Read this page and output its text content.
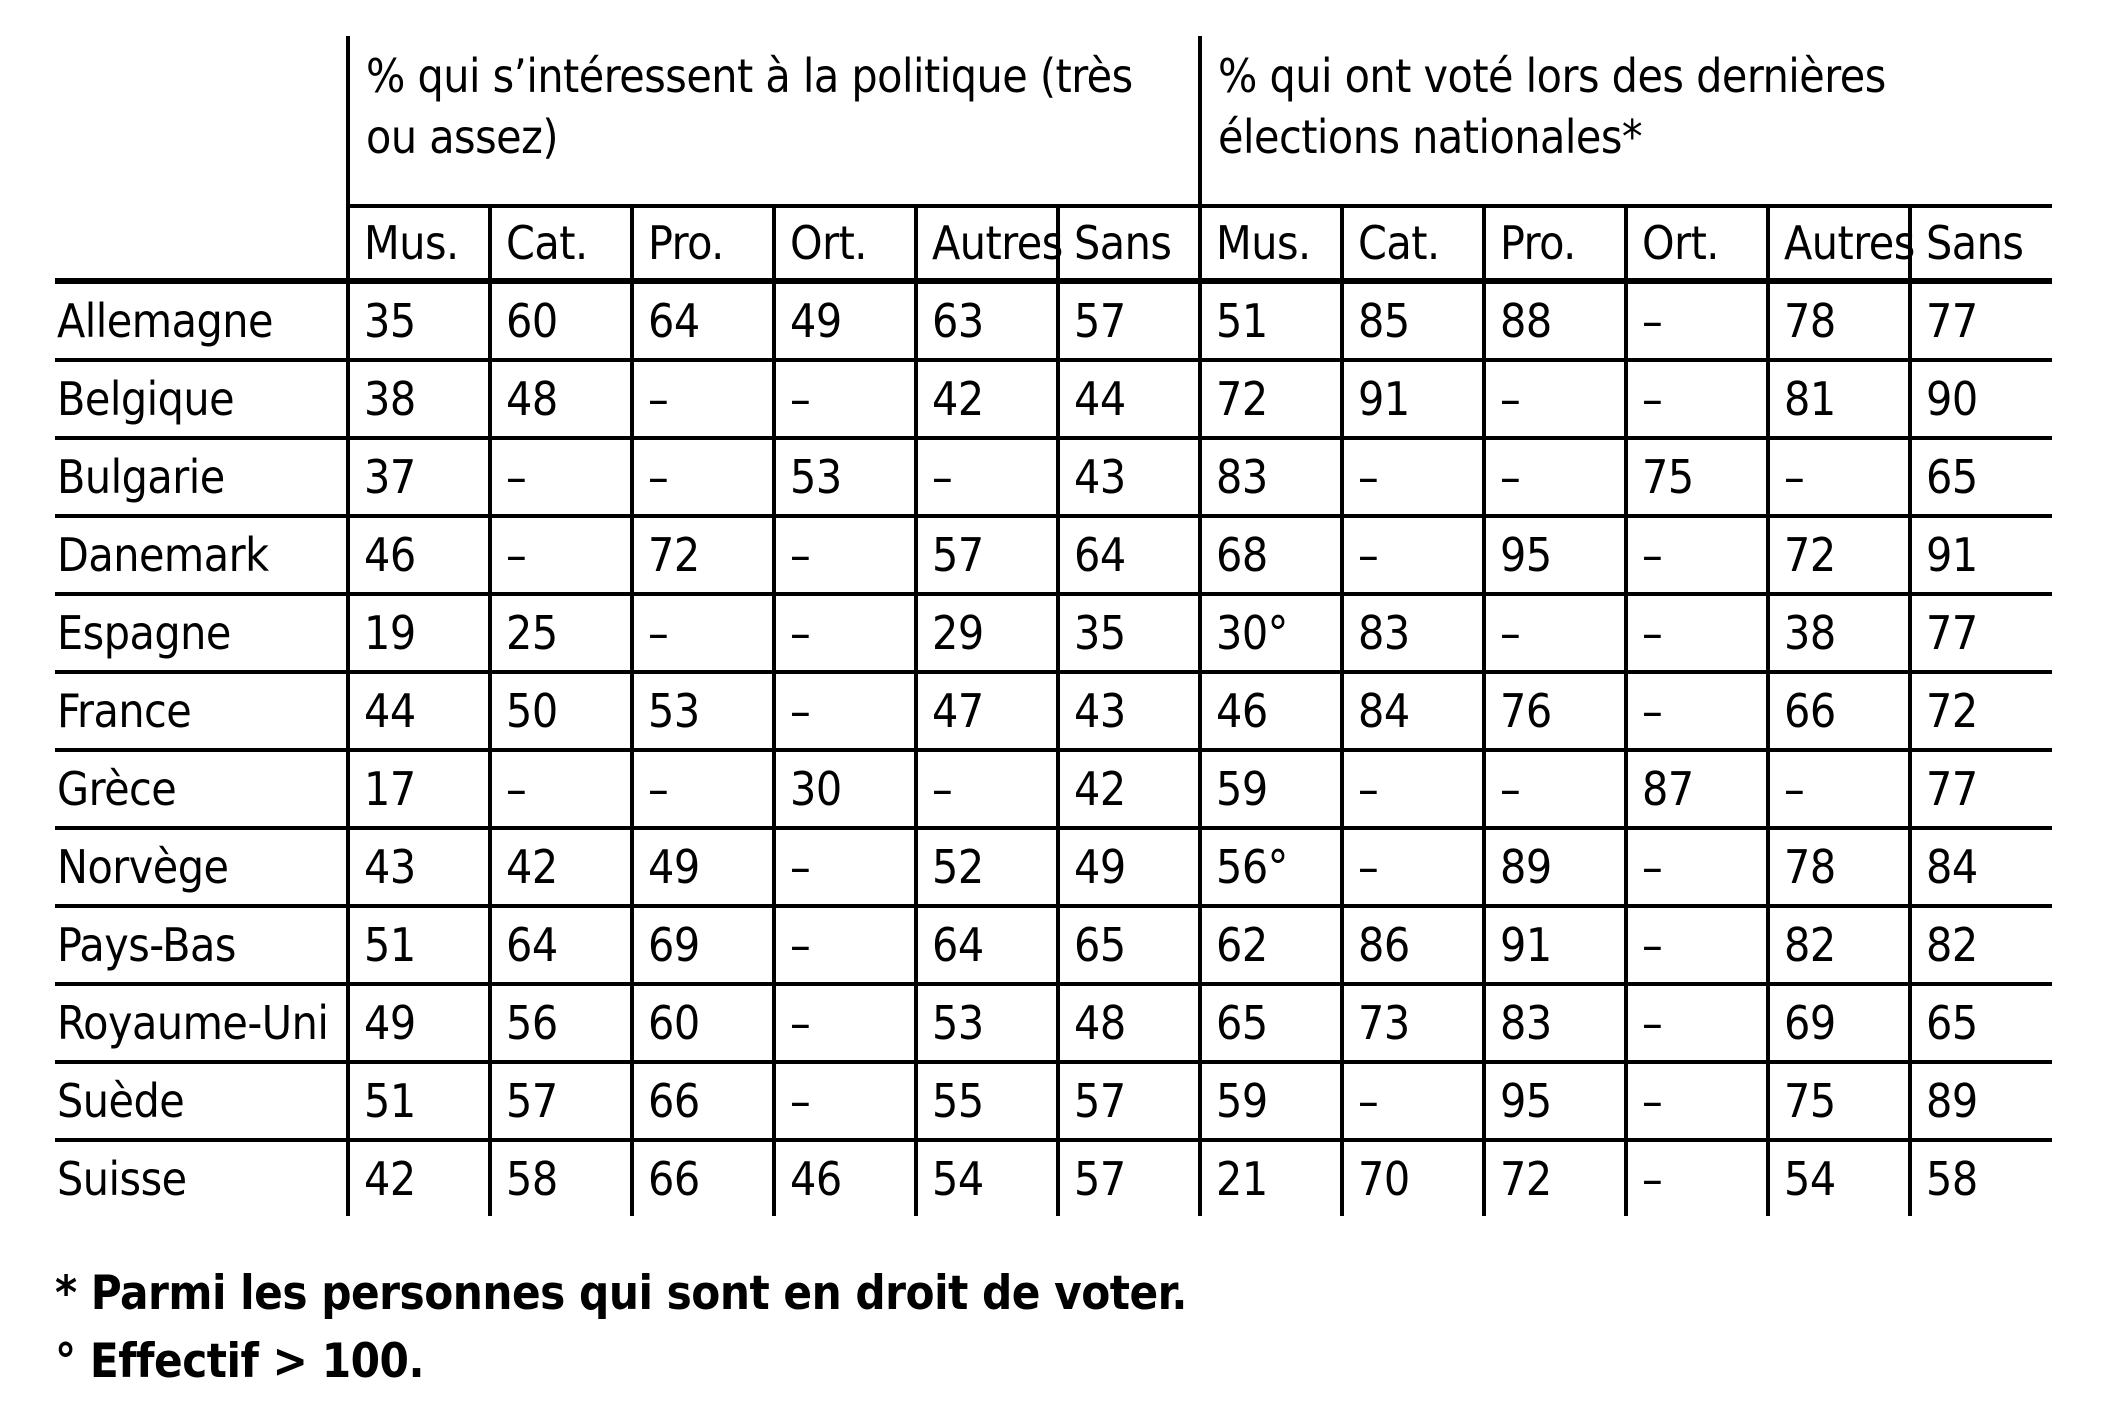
	% qui s’intéressent à la politique (très ou assez)						% qui ont voté lors des dernières élections nationales*					
	Mus.	Cat.	Pro.	Ort.	Autres	Sans	Mus.	Cat.	Pro.	Ort.	Autres	Sans
Allemagne	35	60	64	49	63	57	51	85	88	–	78	77
Belgique	38	48	–	–	42	44	72	91	–	–	81	90
Bulgarie	37	–	–	53	–	43	83	–	–	75	–	65
Danemark	46	–	72	–	57	64	68	–	95	–	72	91
Espagne	19	25	–	–	29	35	30°	83	–	–	38	77
France	44	50	53	–	47	43	46	84	76	–	66	72
Grèce	17	–	–	30	–	42	59	–	–	87	–	77
Norvège	43	42	49	–	52	49	56°	–	89	–	78	84
Pays-Bas	51	64	69	–	64	65	62	86	91	–	82	82
Royaume-Uni	49	56	60	–	53	48	65	73	83	–	69	65
Suède	51	57	66	–	55	57	59	–	95	–	75	89
Suisse	42	58	66	46	54	57	21	70	72	–	54	58
* Parmi les personnes qui sont en droit de voter.
° Effectif > 100.
